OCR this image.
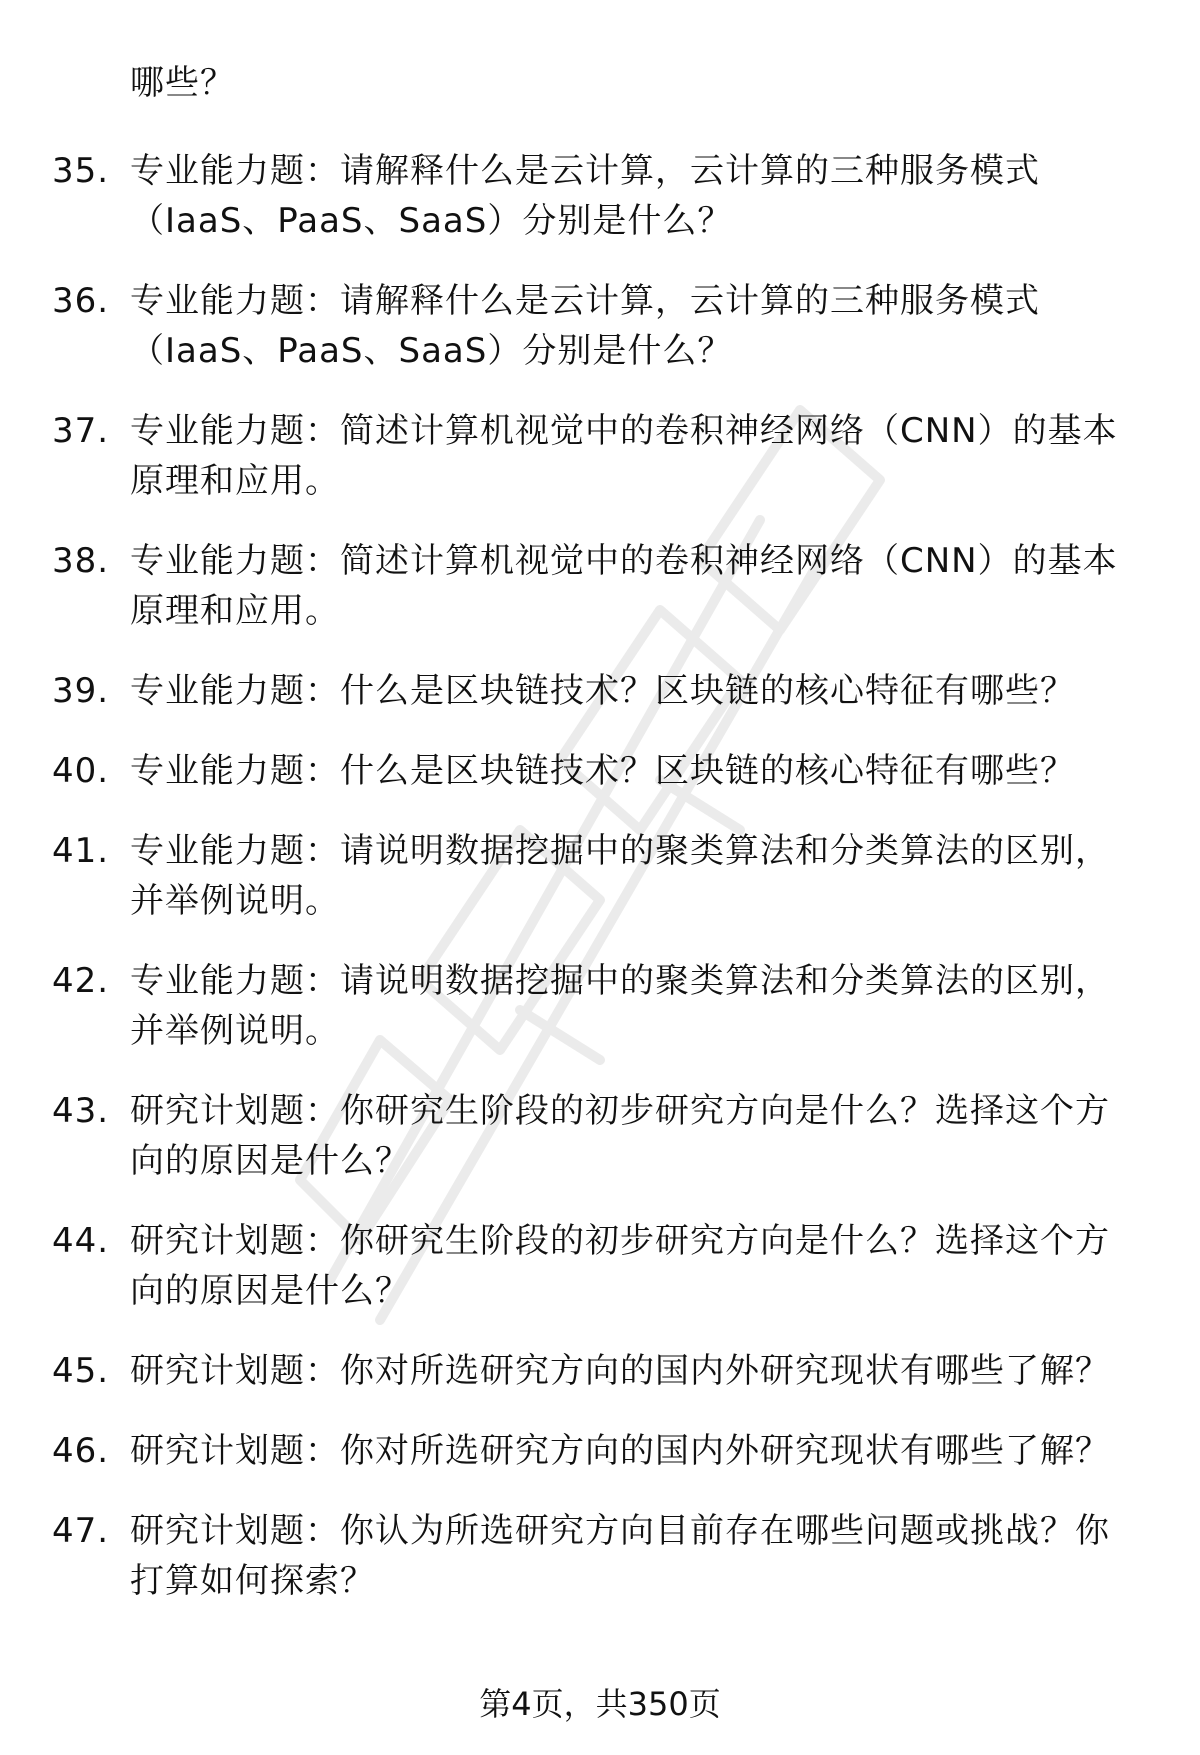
哪些？
35. 专业能力题：请解释什么是云计算，云计算的三种服务模式
（IaaS、PaaS、SaaS）分别是什么？
36. 专业能力题：请解释什么是云计算，云计算的三种服务模式
（IaaS、PaaS、SaaS）分别是什么？
37. 专业能力题：简述计算机视觉中的卷积神经网络（CNN）的基本
原理和应用。
38. 专业能力题：简述计算机视觉中的卷积神经网络（CNN）的基本
原理和应用。
39. 专业能力题：什么是区块链技术？区块链的核心特征有哪些？
40. 专业能力题：什么是区块链技术？区块链的核心特征有哪些？
41. 专业能力题：请说明数据挖掘中的聚类算法和分类算法的区别，
并举例说明。
42. 专业能力题：请说明数据挖掘中的聚类算法和分类算法的区别，
并举例说明。
43. 研究计划题：你研究生阶段的初步研究方向是什么？选择这个方
向的原因是什么？
44. 研究计划题：你研究生阶段的初步研究方向是什么？选择这个方
向的原因是什么？
45. 研究计划题：你对所选研究方向的国内外研究现状有哪些了解？
46. 研究计划题：你对所选研究方向的国内外研究现状有哪些了解？
47. 研究计划题：你认为所选研究方向目前存在哪些问题或挑战？你
打算如何探索？
第4页，共350页
